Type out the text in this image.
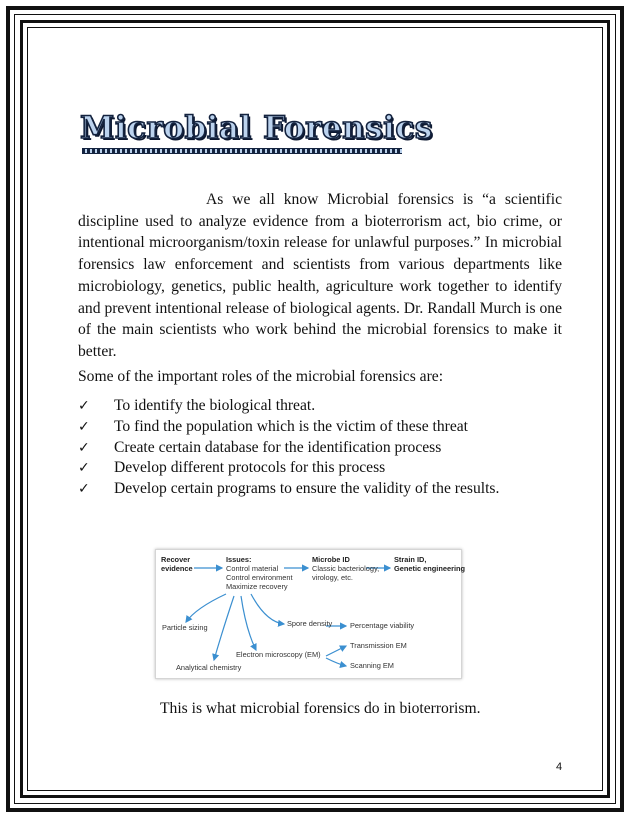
Microbial Forensics

As we all know Microbial forensics is “a scientific discipline used to analyze evidence from a bioterrorism act, bio crime, or intentional microorganism/toxin release for unlawful purposes.” In microbial forensics law enforcement and scientists from various departments like microbiology, genetics, public health, agriculture work together to identify and prevent intentional release of biological agents. Dr. Randall Murch is one of the main scientists who work behind the microbial forensics to make it better.

Some of the important roles of the microbial forensics are:

✓	To identify the biological threat.
✓	To find the population which is the victim of these threat
✓	Create certain database for the identification process
✓	Develop different protocols for this process
✓	Develop certain programs to ensure the validity of the results.
Recover
evidence
Issues:
Control material
Control environment
Maximize recovery
Microbe ID
Classic bacteriology,
virology, etc.
Strain ID,
Genetic engineering
Particle sizing	Spore density Percentage viability
Transmission EM
Electron microscopy (EM)
Scanning EM
Analytical chemistry

This is what microbial forensics do in bioterrorism.

4
